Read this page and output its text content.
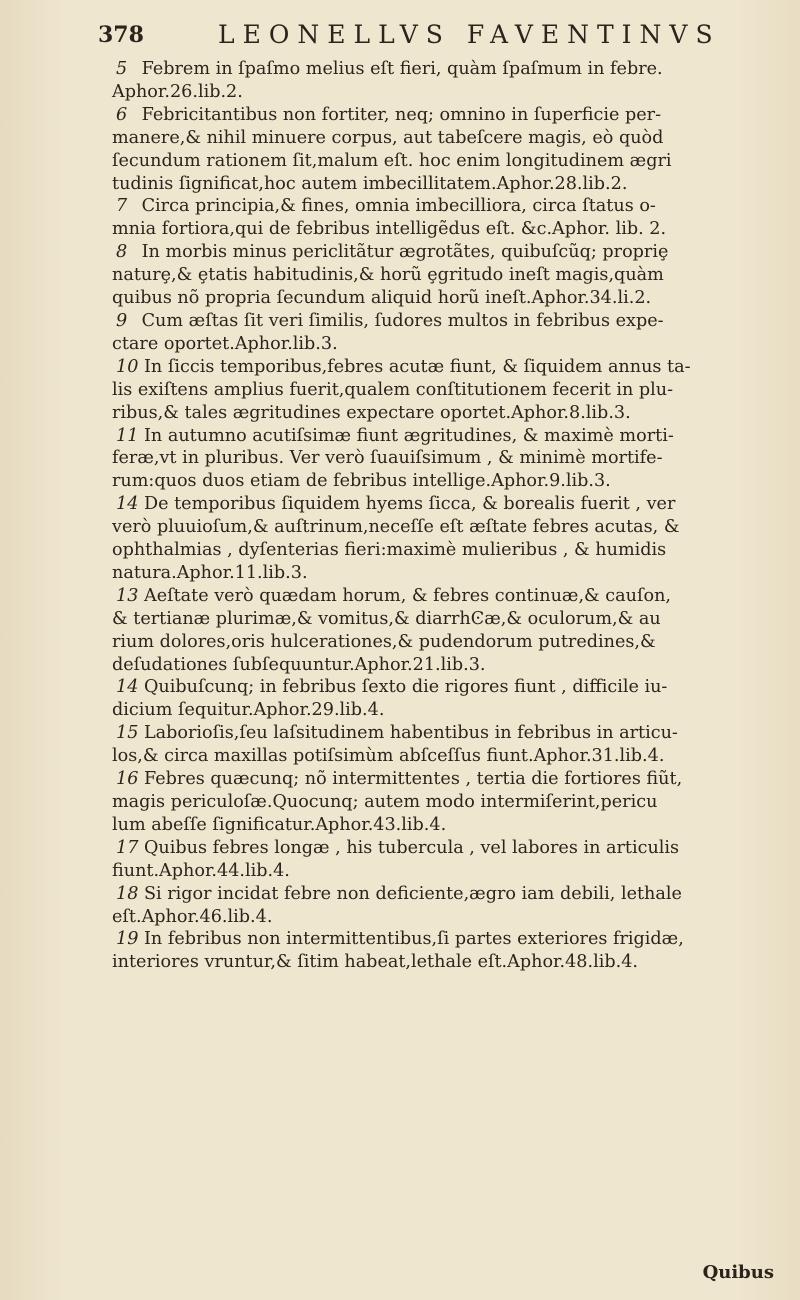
378	LEONELLVS FAVENTINVS
5 Febrem in ſpaſmo melius eſt fieri, quàm ſpaſmum in febre.
Aphor.26.lib.2.
6 Febricitantibus non fortiter, neq; omnino in ſuperficie per-
manere,& nihil minuere corpus, aut tabeſcere magis, eò quòd
ſecundum rationem ſit,malum eſt. hoc enim longitudinem ægri
tudinis ſignificat,hoc autem imbecillitatem.Aphor.28.lib.2.
7 Circa principia,& fines, omnia imbecilliora, circa ſtatus o-
mnia fortiora,qui de febribus intelligẽdus eſt. &c.Aphor. lib. 2.
8 In morbis minus periclitãtur ægrotãtes, quibuſcũq; propriȩ
naturȩ,& ȩtatis habitudinis,& horũ ȩgritudo ineſt magis,quàm
quibus nõ propria ſecundum aliquid horũ ineſt.Aphor.34.li.2.
9 Cum æſtas ſit veri ſimilis, ſudores multos in febribus expe-
ctare oportet.Aphor.lib.3.
10 In ſiccis temporibus,febres acutæ fiunt, & ſiquidem annus ta-
lis exiſtens amplius fuerit,qualem conſtitutionem fecerit in plu-
ribus,& tales ægritudines expectare oportet.Aphor.8.lib.3.
11 In autumno acutiſsimæ fiunt ægritudines, & maximè morti-
feræ,vt in pluribus. Ver verò ſuauiſsimum , & minimè mortife-
rum:quos duos etiam de febribus intellige.Aphor.9.lib.3.
14 De temporibus ſiquidem hyems ſicca, & borealis fuerit , ver
verò pluuioſum,& auſtrinum,neceſſe eſt æſtate febres acutas, &
ophthalmias , dyſenterias fieri:maximè mulieribus , & humidis
natura.Aphor.11.lib.3.
13 Aeſtate verò quædam horum, & febres continuæ,& cauſon,
& tertianæ plurimæ,& vomitus,& diarrhϾæ,& oculorum,& au
rium dolores,oris hulcerationes,& pudendorum putredines,&
deſudationes ſubſequuntur.Aphor.21.lib.3.
14 Quibuſcunq; in febribus ſexto die rigores fiunt , difficile iu-
dicium ſequitur.Aphor.29.lib.4.
15 Laborioſis,ſeu laſsitudinem habentibus in febribus in articu-
los,& circa maxillas potiſsimùm abſceſſus fiunt.Aphor.31.lib.4.
16 Febres quæcunq; nõ intermittentes , tertia die fortiores fiũt,
magis periculoſæ.Quocunq; autem modo intermiſerint,pericu
lum abeſſe ſignificatur.Aphor.43.lib.4.
17 Quibus febres longæ , his tubercula , vel labores in articulis
fiunt.Aphor.44.lib.4.
18 Si rigor incidat febre non deficiente,ægro iam debili, lethale
eſt.Aphor.46.lib.4.
19 In febribus non intermittentibus,ſi partes exteriores frigidæ,
interiores vruntur,& ſitim habeat,lethale eſt.Aphor.48.lib.4.
Quibus
